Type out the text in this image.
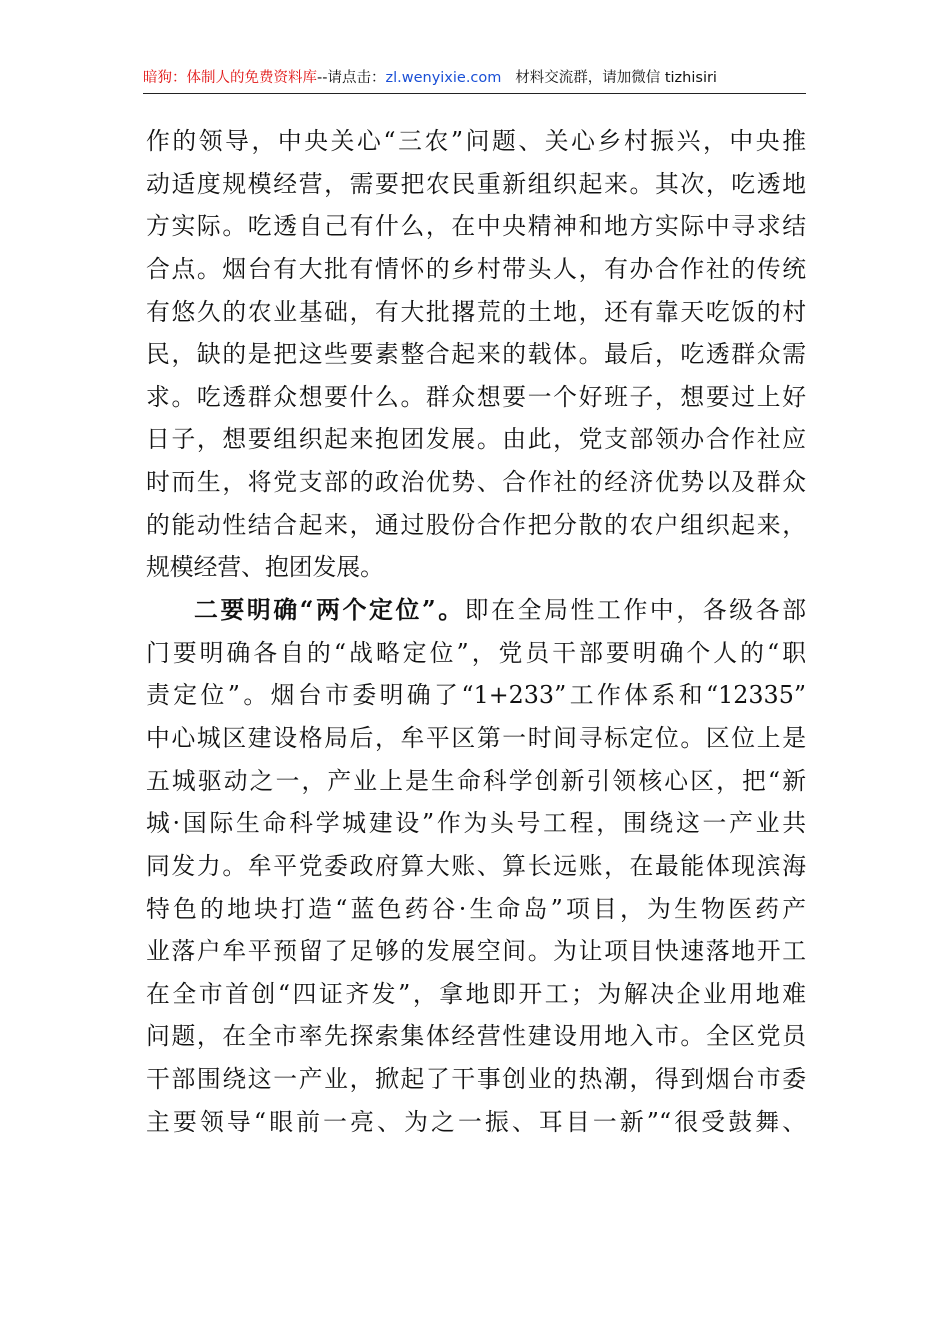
暗狗：体制人的免费资料库--请点击：zl.wenyixie.com 材料交流群，请加微信 tizhisiri
作的领导，中央关心“三农”问题、关心乡村振兴，中央推
动适度规模经营，需要把农民重新组织起来。其次，吃透地
方实际。吃透自己有什么，在中央精神和地方实际中寻求结
合点。烟台有大批有情怀的乡村带头人，有办合作社的传统
有悠久的农业基础，有大批撂荒的土地，还有靠天吃饭的村
民，缺的是把这些要素整合起来的载体。最后，吃透群众需
求。吃透群众想要什么。群众想要一个好班子，想要过上好
日子，想要组织起来抱团发展。由此，党支部领办合作社应
时而生，将党支部的政治优势、合作社的经济优势以及群众
的能动性结合起来，通过股份合作把分散的农户组织起来，
规模经营、抱团发展。
二要明确“两个定位”。即在全局性工作中，各级各部
门要明确各自的“战略定位”，党员干部要明确个人的“职
责定位”。烟台市委明确了“1+233”工作体系和“12335”
中心城区建设格局后，牟平区第一时间寻标定位。区位上是
五城驱动之一，产业上是生命科学创新引领核心区，把“新
城·国际生命科学城建设”作为头号工程，围绕这一产业共
同发力。牟平党委政府算大账、算长远账，在最能体现滨海
特色的地块打造“蓝色药谷·生命岛”项目，为生物医药产
业落户牟平预留了足够的发展空间。为让项目快速落地开工
在全市首创“四证齐发”，拿地即开工；为解决企业用地难
问题，在全市率先探索集体经营性建设用地入市。全区党员
干部围绕这一产业，掀起了干事创业的热潮，得到烟台市委
主要领导“眼前一亮、为之一振、耳目一新”“很受鼓舞、
